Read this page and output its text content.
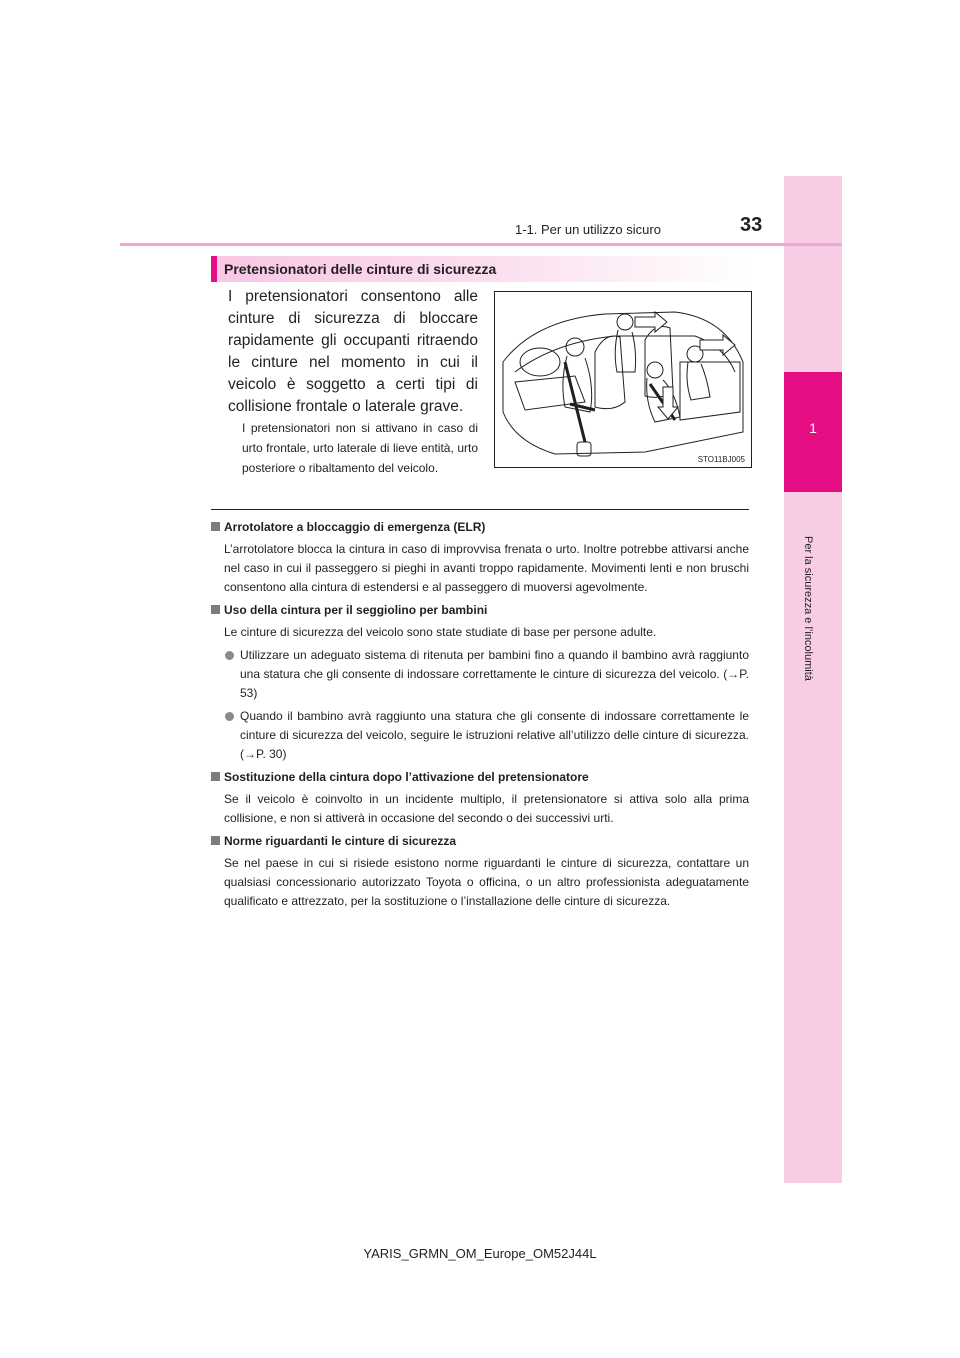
1
Per la sicurezza e l’incolumità
1-1. Per un utilizzo sicuro	33
Pretensionatori delle cinture di sicurezza
I pretensionatori consentono alle cinture di sicurezza di bloccare rapidamente gli occupanti ritraendo le cinture nel momento in cui il veicolo è soggetto a certi tipi di collisione frontale o laterale grave.
I pretensionatori non si attivano in caso di urto frontale, urto laterale di lieve entità, urto posteriore o ribaltamento del veicolo.
STO11BJ005
Arrotolatore a bloccaggio di emergenza (ELR)
L’arrotolatore blocca la cintura in caso di improvvisa frenata o urto. Inoltre potrebbe attivarsi anche nel caso in cui il passeggero si pieghi in avanti troppo rapidamente. Movimenti lenti e non bruschi consentono alla cintura di estendersi e al passeggero di muoversi agevolmente.
Uso della cintura per il seggiolino per bambini
Le cinture di sicurezza del veicolo sono state studiate di base per persone adulte.
Utilizzare un adeguato sistema di ritenuta per bambini fino a quando il bambino avrà raggiunto una statura che gli consente di indossare correttamente le cinture di sicurezza del veicolo. (→P. 53)
Quando il bambino avrà raggiunto una statura che gli consente di indossare correttamente le cinture di sicurezza del veicolo, seguire le istruzioni relative all’utilizzo delle cinture di sicurezza. (→P. 30)
Sostituzione della cintura dopo l’attivazione del pretensionatore
Se il veicolo è coinvolto in un incidente multiplo, il pretensionatore si attiva solo alla prima collisione, e non si attiverà in occasione del secondo o dei successivi urti.
Norme riguardanti le cinture di sicurezza
Se nel paese in cui si risiede esistono norme riguardanti le cinture di sicurezza, contattare un qualsiasi concessionario autorizzato Toyota o officina, o un altro professionista adeguatamente qualificato e attrezzato, per la sostituzione o l’installazione delle cinture di sicurezza.
YARIS_GRMN_OM_Europe_OM52J44L
